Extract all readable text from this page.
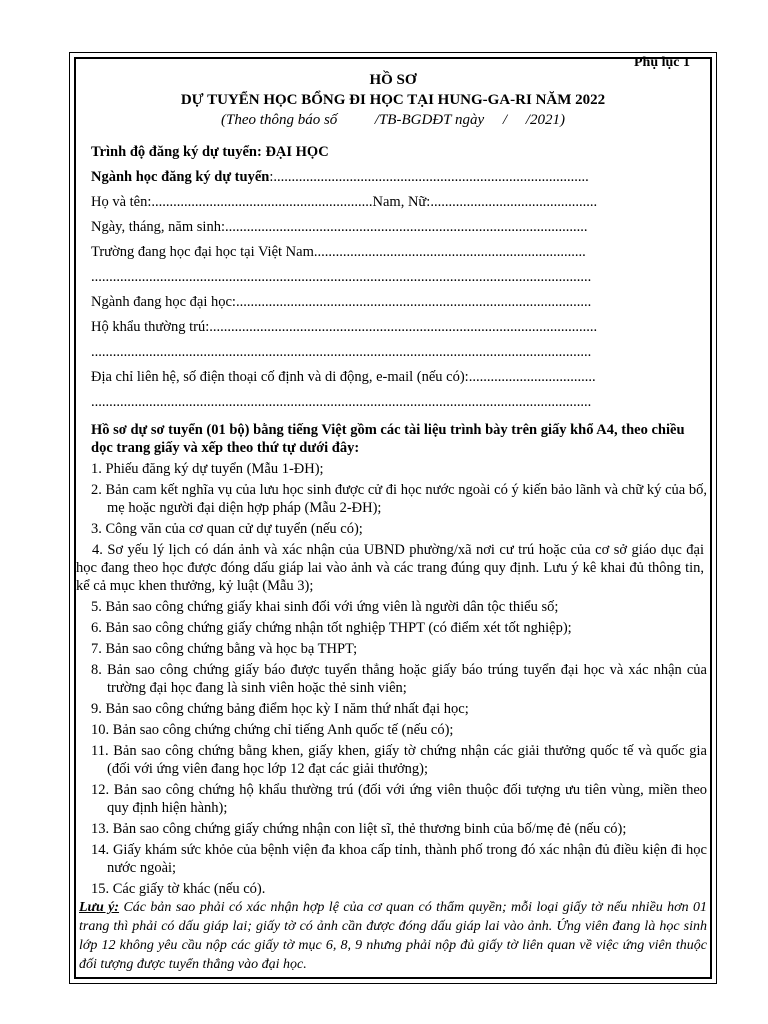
Phụ lục 1
HỒ SƠ
DỰ TUYỂN HỌC BỔNG ĐI HỌC TẠI HUNG-GA-RI NĂM 2022
(Theo thông báo số          /TB-BGDĐT ngày     /     /2021)
Trình độ đăng ký dự tuyển: ĐẠI HỌC
Ngành học đăng ký dự tuyển:.......................................................................................
Họ và tên:.............................................................Nam, Nữ:..............................................
Ngày, tháng, năm sinh:....................................................................................................
Trường đang học đại học tại Việt Nam...........................................................................
..........................................................................................................................................
Ngành đang học đại học:..................................................................................................
Hộ khẩu thường trú:...........................................................................................................
..........................................................................................................................................
Địa chỉ liên hệ, số điện thoại cố định và di động, e-mail (nếu có):...................................
..........................................................................................................................................
Hồ sơ dự sơ tuyển (01 bộ) bằng tiếng Việt gồm các tài liệu trình bày trên giấy khổ A4, theo chiều dọc trang giấy và xếp theo thứ tự dưới đây:
1. Phiếu đăng ký dự tuyển (Mẫu 1-ĐH);
2. Bản cam kết nghĩa vụ của lưu học sinh được cử đi học nước ngoài có ý kiến bảo lãnh và chữ ký của bố, mẹ hoặc người đại diện hợp pháp (Mẫu 2-ĐH);
3. Công văn của cơ quan cử dự tuyển (nếu có);
4. Sơ yếu lý lịch có dán ảnh và xác nhận của UBND phường/xã nơi cư trú hoặc của cơ sở giáo dục đại học đang theo học được đóng dấu giáp lai vào ảnh và các trang đúng quy định. Lưu ý kê khai đủ thông tin, kể cả mục khen thưởng, kỷ luật (Mẫu 3);
5. Bản sao công chứng giấy khai sinh đối với ứng viên là người dân tộc thiểu số;
6. Bản sao công chứng giấy chứng nhận tốt nghiệp THPT (có điểm xét tốt nghiệp);
7. Bản sao công chứng bằng và học bạ THPT;
8. Bản sao công chứng giấy báo được tuyển thẳng hoặc giấy báo trúng tuyển đại học và xác nhận của trường đại học đang là sinh viên hoặc thẻ sinh viên;
9. Bản sao công chứng bảng điểm học kỳ I năm thứ nhất đại học;
10. Bản sao công chứng chứng chỉ tiếng Anh quốc tế (nếu có);
11. Bản sao công chứng bằng khen, giấy khen, giấy tờ chứng nhận các giải thưởng quốc tế và quốc gia (đối với ứng viên đang học lớp 12 đạt các giải thưởng);
12. Bản sao công chứng hộ khẩu thường trú (đối với ứng viên thuộc đối tượng ưu tiên vùng, miền theo quy định hiện hành);
13. Bản sao công chứng giấy chứng nhận con liệt sĩ, thẻ thương binh của bố/mẹ đẻ (nếu có);
14. Giấy khám sức khỏe của bệnh viện đa khoa cấp tỉnh, thành phố trong đó xác nhận đủ điều kiện đi học nước ngoài;
15. Các giấy tờ khác (nếu có).
Lưu ý: Các bản sao phải có xác nhận hợp lệ của cơ quan có thẩm quyền; mỗi loại giấy tờ nếu nhiều hơn 01 trang thì phải có dấu giáp lai; giấy tờ có ảnh cần được đóng dấu giáp lai vào ảnh. Ứng viên đang là học sinh lớp 12 không yêu cầu nộp các giấy tờ mục 6, 8, 9 nhưng phải nộp đủ giấy tờ liên quan về việc ứng viên thuộc đối tượng được tuyển thẳng vào đại học.
